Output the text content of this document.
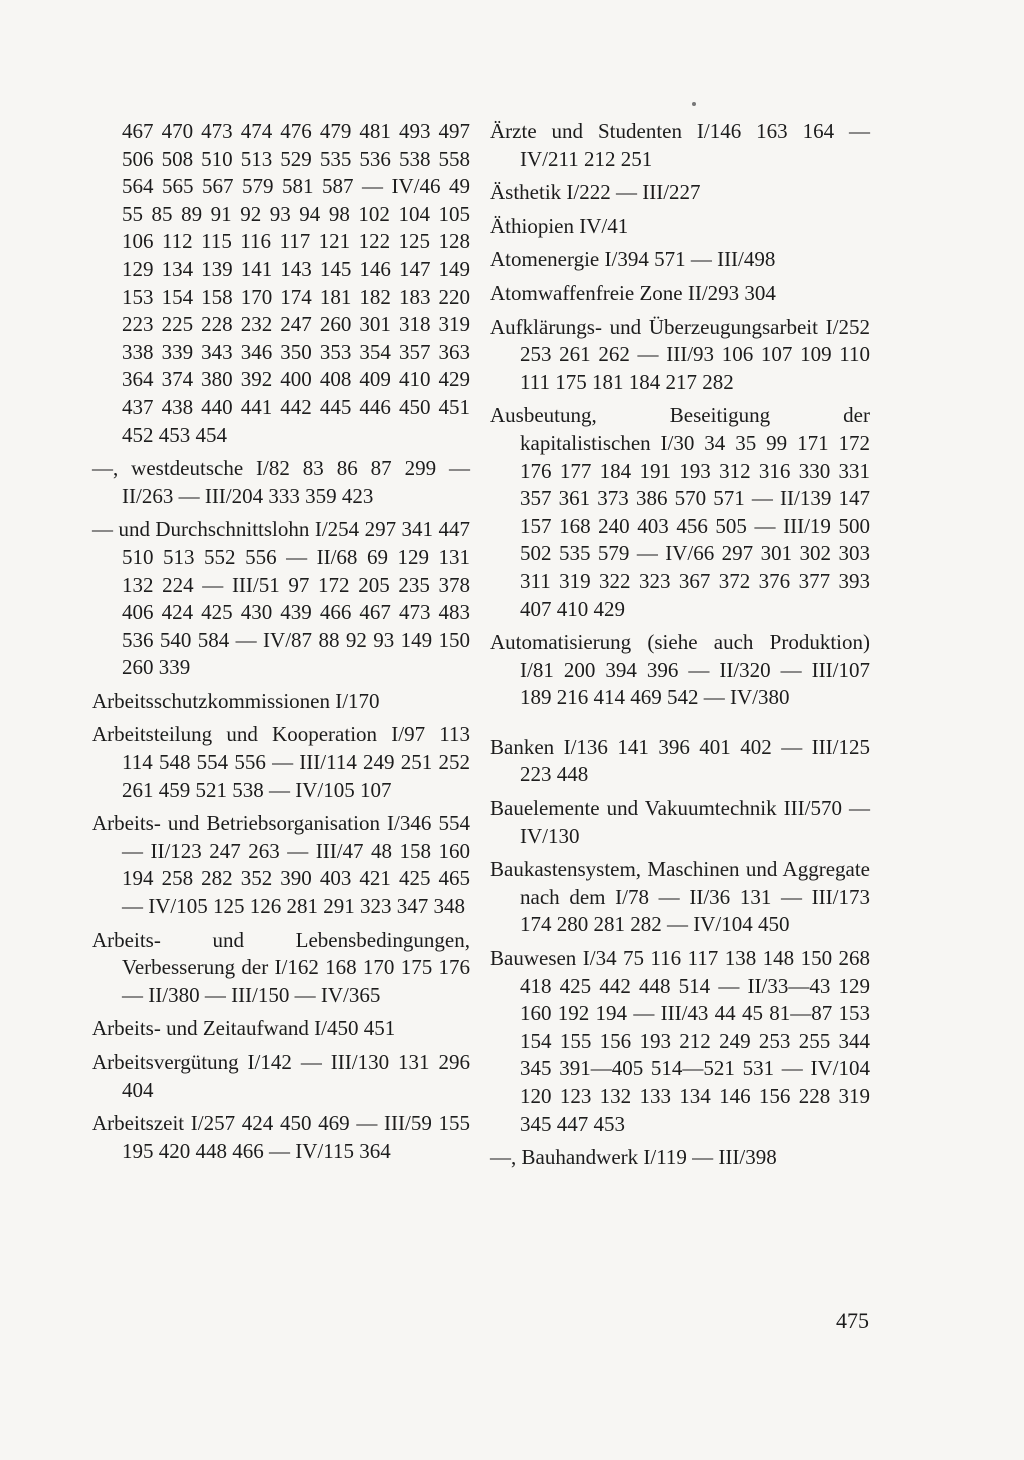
467 470 473 474 476 479 481 493 497 506 508 510 513 529 535 536 538 558 564 565 567 579 581 587 — IV/46 49 55 85 89 91 92 93 94 98 102 104 105 106 112 115 116 117 121 122 125 128 129 134 139 141 143 145 146 147 149 153 154 158 170 174 181 182 183 220 223 225 228 232 247 260 301 318 319 338 339 343 346 350 353 354 357 363 364 374 380 392 400 408 409 410 429 437 438 440 441 442 445 446 450 451 452 453 454

—, westdeutsche I/82 83 86 87 299 — II/263 — III/204 333 359 423

— und Durchschnittslohn I/254 297 341 447 510 513 552 556 — II/68 69 129 131 132 224 — III/51 97 172 205 235 378 406 424 425 430 439 466 467 473 483 536 540 584 — IV/87 88 92 93 149 150 260 339

Arbeitsschutzkommissionen I/170

Arbeitsteilung und Kooperation I/97 113 114 548 554 556 — III/114 249 251 252 261 459 521 538 — IV/105 107

Arbeits- und Betriebsorganisation I/346 554 — II/123 247 263 — III/47 48 158 160 194 258 282 352 390 403 421 425 465 — IV/105 125 126 281 291 323 347 348

Arbeits- und Lebensbedingungen, Verbesserung der I/162 168 170 175 176 — II/380 — III/150 — IV/365

Arbeits- und Zeitaufwand I/450 451

Arbeitsvergütung I/142 — III/130 131 296 404

Arbeitszeit I/257 424 450 469 — III/59 155 195 420 448 466 — IV/115 364

Ärzte und Studenten I/146 163 164 — IV/211 212 251

Ästhetik I/222 — III/227

Äthiopien IV/41

Atomenergie I/394 571 — III/498

Atomwaffenfreie Zone II/293 304

Aufklärungs- und Überzeugungsarbeit I/252 253 261 262 — III/93 106 107 109 110 111 175 181 184 217 282

Ausbeutung, Beseitigung der kapitalistischen I/30 34 35 99 171 172 176 177 184 191 193 312 316 330 331 357 361 373 386 570 571 — II/139 147 157 168 240 403 456 505 — III/19 500 502 535 579 — IV/66 297 301 302 303 311 319 322 323 367 372 376 377 393 407 410 429

Automatisierung (siehe auch Produktion) I/81 200 394 396 — II/320 — III/107 189 216 414 469 542 — IV/380

Banken I/136 141 396 401 402 — III/125 223 448

Bauelemente und Vakuumtechnik III/570 — IV/130

Baukastensystem, Maschinen und Aggregate nach dem I/78 — II/36 131 — III/173 174 280 281 282 — IV/104 450

Bauwesen I/34 75 116 117 138 148 150 268 418 425 442 448 514 — II/33—43 129 160 192 194 — III/43 44 45 81—87 153 154 155 156 193 212 249 253 255 344 345 391—405 514—521 531 — IV/104 120 123 132 133 134 146 156 228 319 345 447 453

—, Bauhandwerk I/119 — III/398

475
